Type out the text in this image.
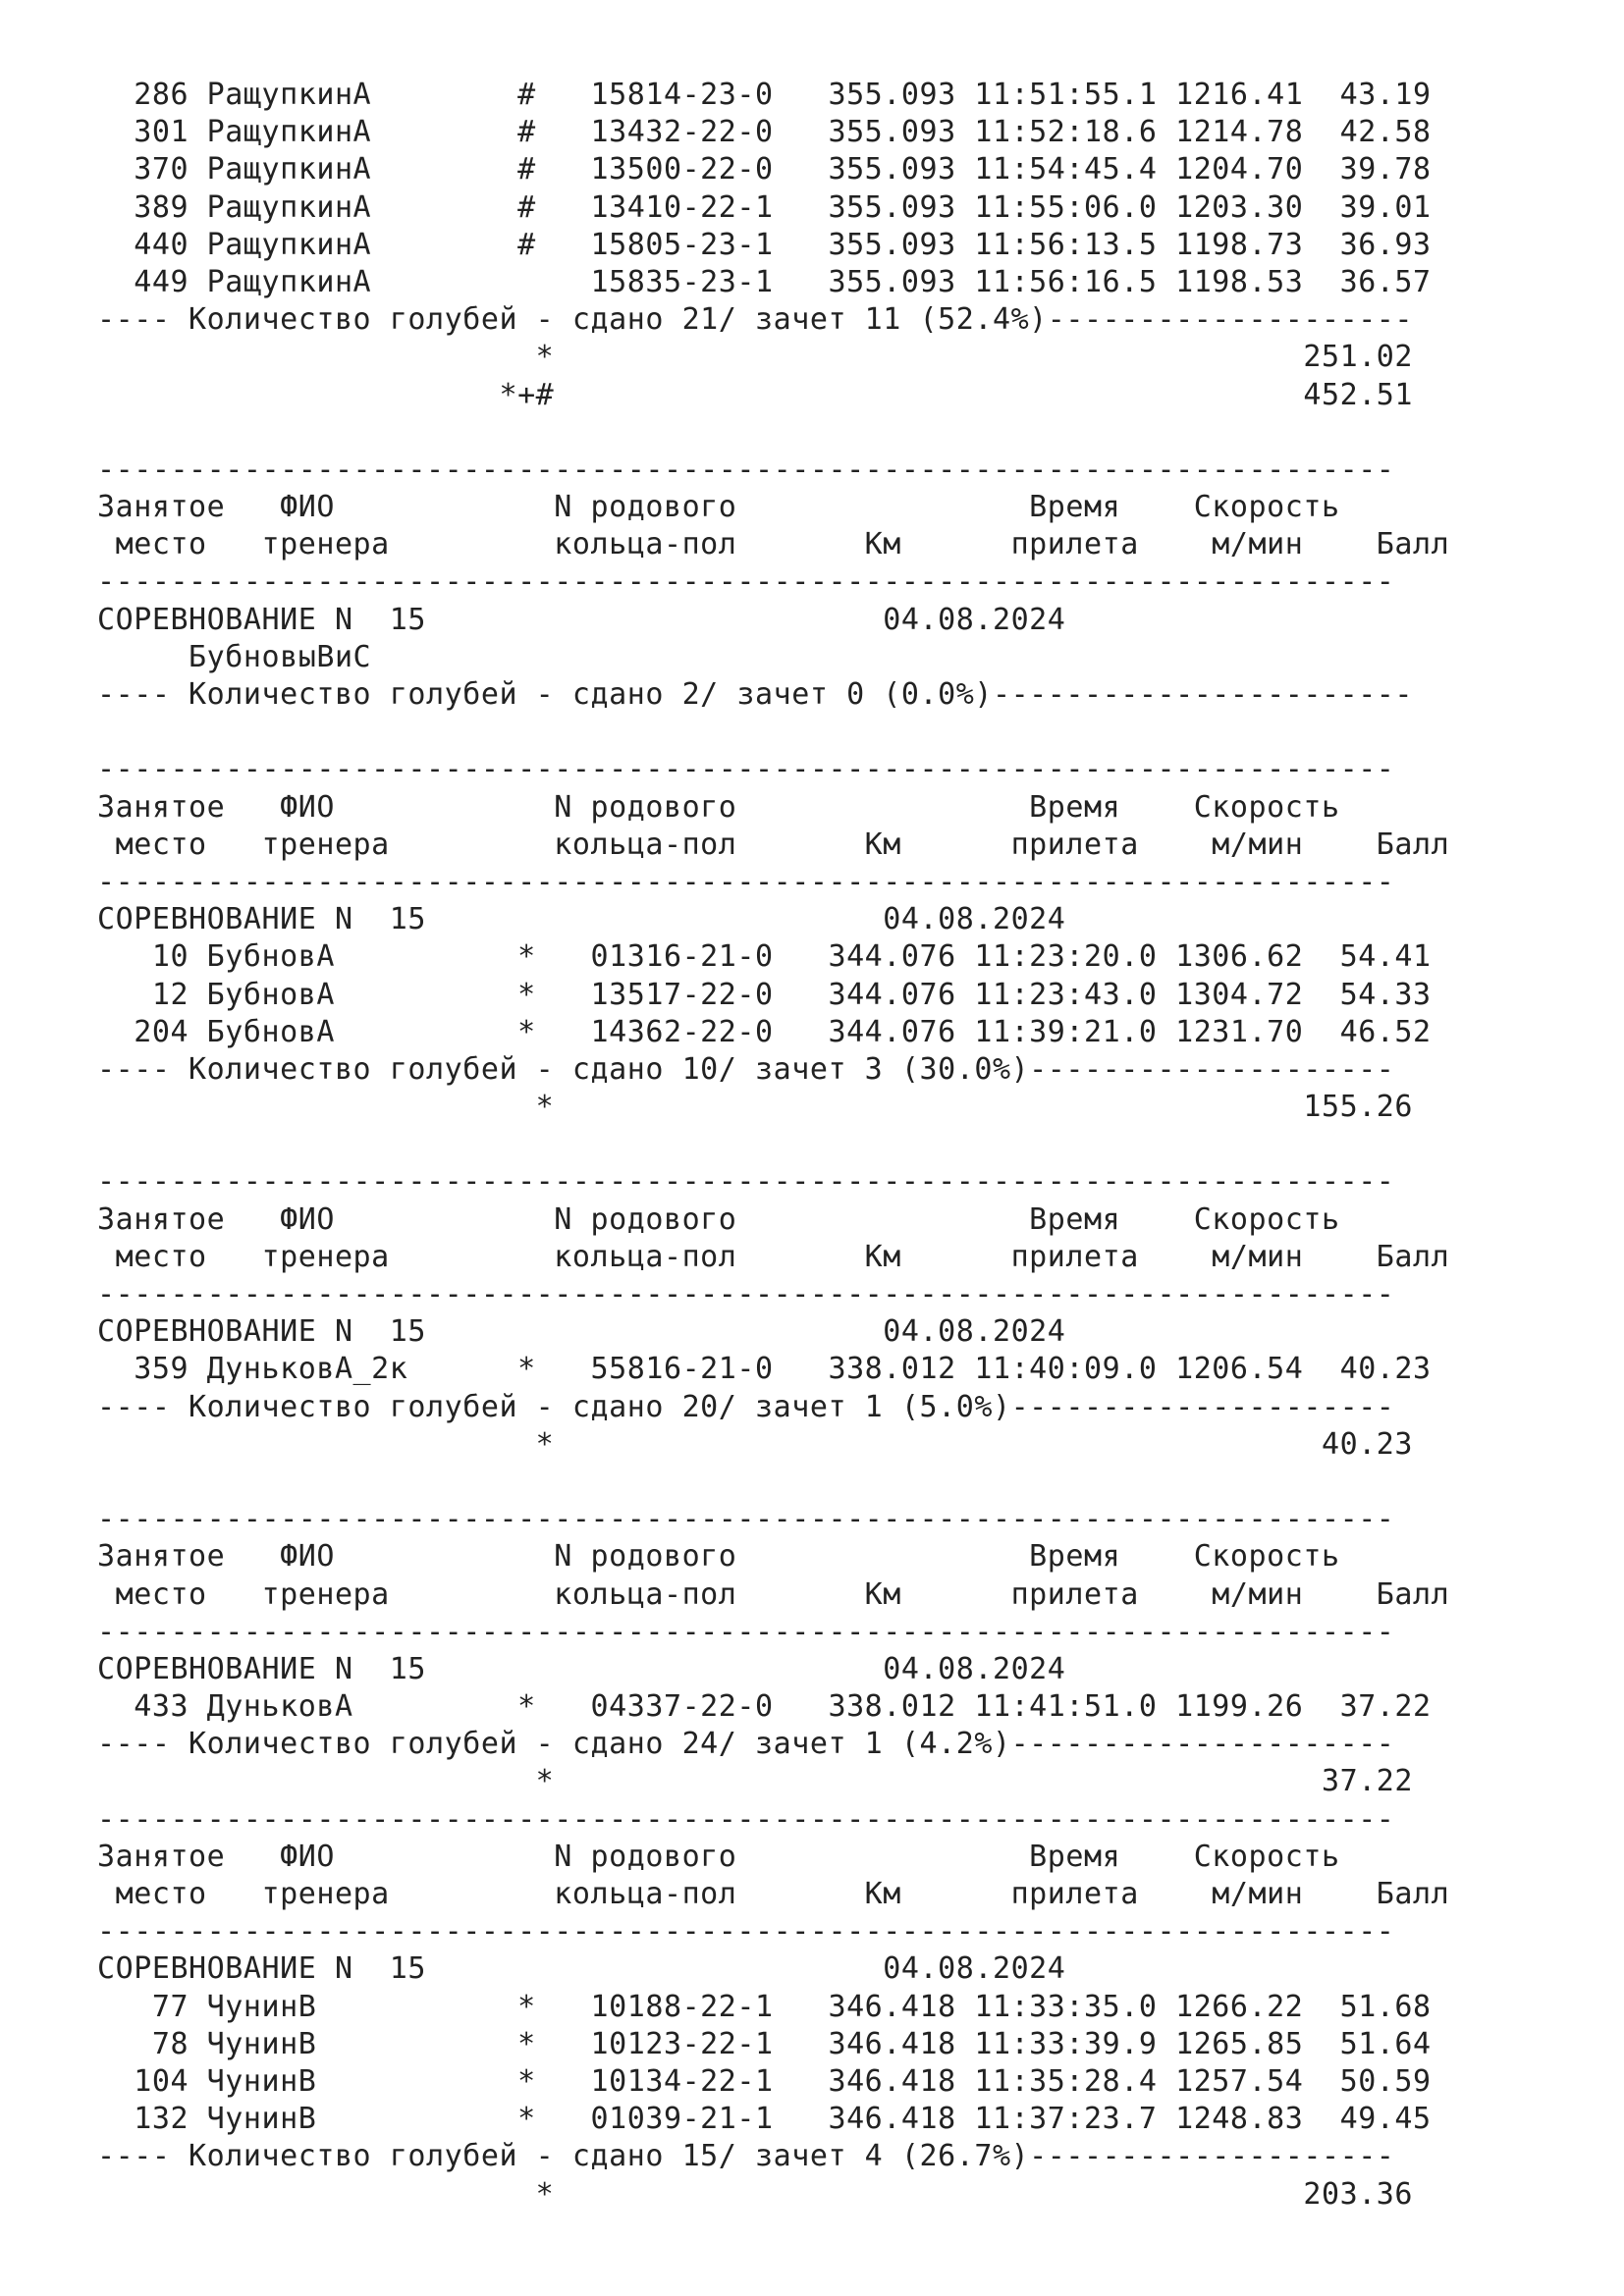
286 РащупкинА        #   15814-23-0   355.093 11:51:55.1 1216.41  43.19
301 РащупкинА        #   13432-22-0   355.093 11:52:18.6 1214.78  42.58
370 РащупкинА        #   13500-22-0   355.093 11:54:45.4 1204.70  39.78
389 РащупкинА        #   13410-22-1   355.093 11:55:06.0 1203.30  39.01
440 РащупкинА        #   15805-23-1   355.093 11:56:13.5 1198.73  36.93
449 РащупкинА            15835-23-1   355.093 11:56:16.5 1198.53  36.57
---- Количество голубей - сдано 21/ зачет 11 (52.4%)--------------------
*                                         251.02
*+#                                         452.51
-----------------------------------------------------------------------
Занятое   ФИО            N родового                Время    Скорость
место   тренера         кольца-пол       Км      прилета    м/мин    Балл
-----------------------------------------------------------------------
СОРЕВНОВАНИЕ N  15                         04.08.2024
БубновыВиС
---- Количество голубей - сдано 2/ зачет 0 (0.0%)-----------------------
-----------------------------------------------------------------------
Занятое   ФИО            N родового                Время    Скорость
место   тренера         кольца-пол       Км      прилета    м/мин    Балл
-----------------------------------------------------------------------
СОРЕВНОВАНИЕ N  15                         04.08.2024
10 БубновА          *   01316-21-0   344.076 11:23:20.0 1306.62  54.41
12 БубновА          *   13517-22-0   344.076 11:23:43.0 1304.72  54.33
204 БубновА          *   14362-22-0   344.076 11:39:21.0 1231.70  46.52
---- Количество голубей - сдано 10/ зачет 3 (30.0%)--------------------
*                                         155.26
-----------------------------------------------------------------------
Занятое   ФИО            N родового                Время    Скорость
место   тренера         кольца-пол       Км      прилета    м/мин    Балл
-----------------------------------------------------------------------
СОРЕВНОВАНИЕ N  15                         04.08.2024
359 ДуньковА_2к      *   55816-21-0   338.012 11:40:09.0 1206.54  40.23
---- Количество голубей - сдано 20/ зачет 1 (5.0%)---------------------
*                                          40.23
-----------------------------------------------------------------------
Занятое   ФИО            N родового                Время    Скорость
место   тренера         кольца-пол       Км      прилета    м/мин    Балл
-----------------------------------------------------------------------
СОРЕВНОВАНИЕ N  15                         04.08.2024
433 ДуньковА         *   04337-22-0   338.012 11:41:51.0 1199.26  37.22
---- Количество голубей - сдано 24/ зачет 1 (4.2%)---------------------
*                                          37.22
-----------------------------------------------------------------------
Занятое   ФИО            N родового                Время    Скорость
место   тренера         кольца-пол       Км      прилета    м/мин    Балл
-----------------------------------------------------------------------
СОРЕВНОВАНИЕ N  15                         04.08.2024
77 ЧунинВ           *   10188-22-1   346.418 11:33:35.0 1266.22  51.68
78 ЧунинВ           *   10123-22-1   346.418 11:33:39.9 1265.85  51.64
104 ЧунинВ           *   10134-22-1   346.418 11:35:28.4 1257.54  50.59
132 ЧунинВ           *   01039-21-1   346.418 11:37:23.7 1248.83  49.45
---- Количество голубей - сдано 15/ зачет 4 (26.7%)--------------------
*                                         203.36
